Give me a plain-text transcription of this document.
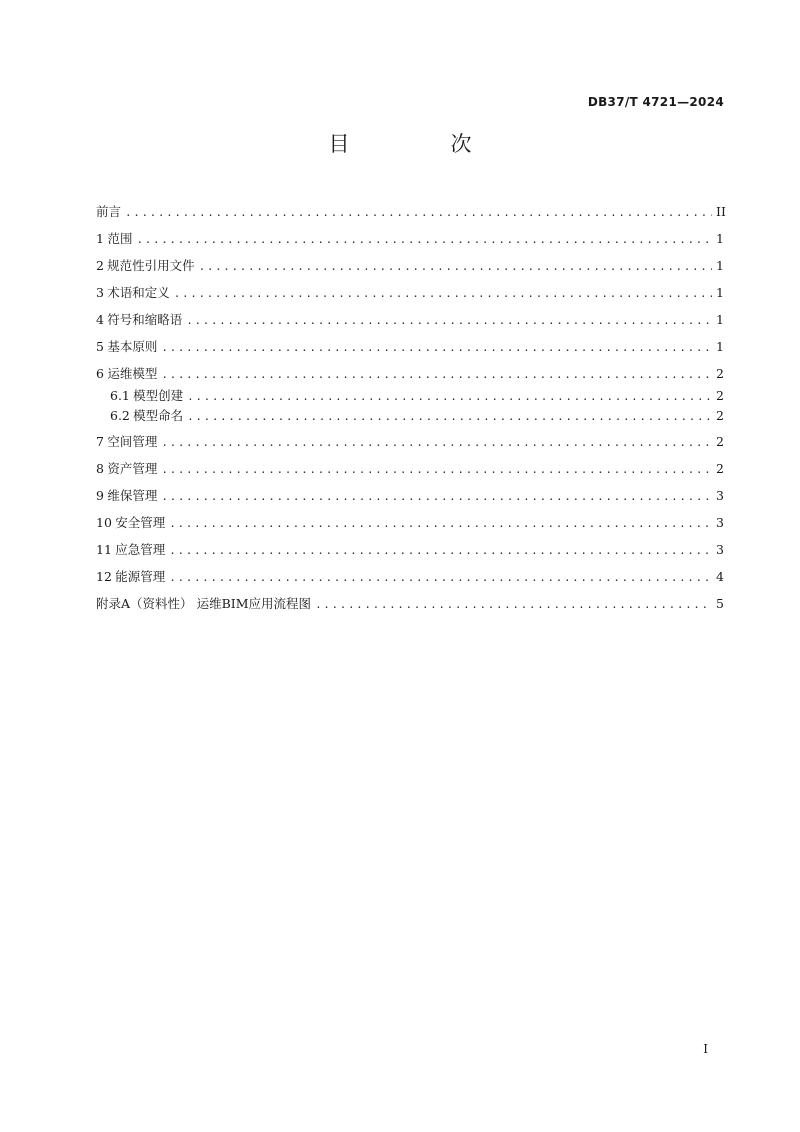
DB37/T 4721—2024
目　次
前言 .....	II
1 范围 .....	1
2 规范性引用文件 .....	1
3 术语和定义 .....	1
4 符号和缩略语 .....	1
5 基本原则 .....	1
6 运维模型 .....	2
6.1 模型创建 .....	2
6.2 模型命名 .....	2
7 空间管理 .....	2
8 资产管理 .....	2
9 维保管理 .....	3
10 安全管理 .....	3
11 应急管理 .....	3
12 能源管理 .....	4
附录A（资料性） 运维BIM应用流程图 .....	5
I
